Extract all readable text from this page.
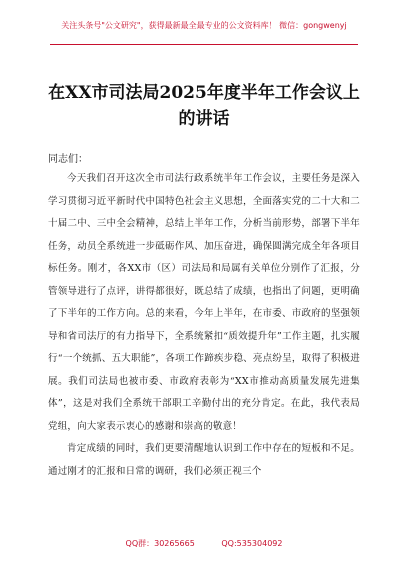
关注头条号"公文研究"，获得最新最全最专业的公文资料库！ 微信：gongwenyj
在XX市司法局2025年度半年工作会议上的讲话
同志们：

今天我们召开这次全市司法行政系统半年工作会议，主要任务是深入学习贯彻习近平新时代中国特色社会主义思想，全面落实党的二十大和二十届二中、三中全会精神，总结上半年工作，分析当前形势，部署下半年任务，动员全系统进一步砥砺作风、加压奋进，确保圆满完成全年各项目标任务。刚才，各XX市（区）司法局和局属有关单位分别作了汇报，分管领导进行了点评，讲得都很好，既总结了成绩，也指出了问题，更明确了下半年的工作方向。总的来看，今年上半年，在市委、市政府的坚强领导和省司法厅的有力指导下，全系统紧扣“质效提升年”工作主题，扎实履行“一个统抓、五大职能”，各项工作蹄疾步稳、亮点纷呈，取得了积极进展。我们司法局也被市委、市政府表彰为“XX市推动高质量发展先进集体”，这是对我们全系统干部职工辛勤付出的充分肯定。在此，我代表局党组，向大家表示衷心的感谢和崇高的敬意！

肯定成绩的同时，我们更要清醒地认识到工作中存在的短板和不足。通过刚才的汇报和日常的调研，我们必须正视三个

QQ群：30265665	QQ:535304092
